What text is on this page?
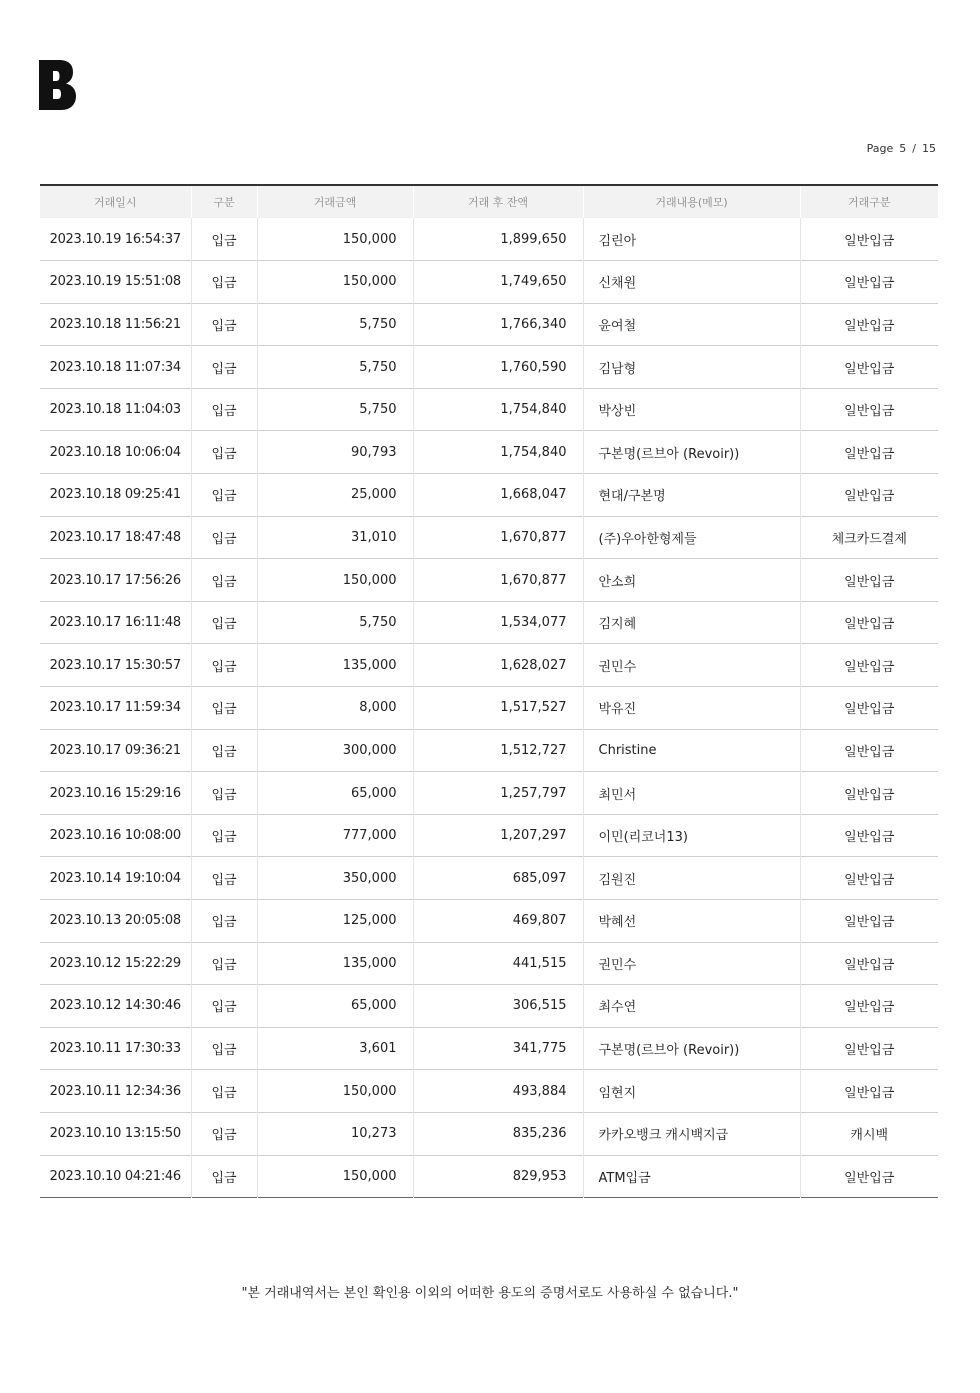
Page 5 / 15
거래일시	구분	거래금액	거래 후 잔액	거래내용(메모)	거래구분
2023.10.19 16:54:37	입금	150,000	1,899,650	김린아	일반입금
2023.10.19 15:51:08	입금	150,000	1,749,650	신채원	일반입금
2023.10.18 11:56:21	입금	5,750	1,766,340	윤여철	일반입금
2023.10.18 11:07:34	입금	5,750	1,760,590	김남형	일반입금
2023.10.18 11:04:03	입금	5,750	1,754,840	박상빈	일반입금
2023.10.18 10:06:04	입금	90,793	1,754,840	구본명(르브아 (Revoir))	일반입금
2023.10.18 09:25:41	입금	25,000	1,668,047	현대/구본명	일반입금
2023.10.17 18:47:48	입금	31,010	1,670,877	(주)우아한형제들	체크카드결제
2023.10.17 17:56:26	입금	150,000	1,670,877	안소희	일반입금
2023.10.17 16:11:48	입금	5,750	1,534,077	김지혜	일반입금
2023.10.17 15:30:57	입금	135,000	1,628,027	권민수	일반입금
2023.10.17 11:59:34	입금	8,000	1,517,527	박유진	일반입금
2023.10.17 09:36:21	입금	300,000	1,512,727	Christine	일반입금
2023.10.16 15:29:16	입금	65,000	1,257,797	최민서	일반입금
2023.10.16 10:08:00	입금	777,000	1,207,297	이민(리코너13)	일반입금
2023.10.14 19:10:04	입금	350,000	685,097	김원진	일반입금
2023.10.13 20:05:08	입금	125,000	469,807	박혜선	일반입금
2023.10.12 15:22:29	입금	135,000	441,515	권민수	일반입금
2023.10.12 14:30:46	입금	65,000	306,515	최수연	일반입금
2023.10.11 17:30:33	입금	3,601	341,775	구본명(르브아 (Revoir))	일반입금
2023.10.11 12:34:36	입금	150,000	493,884	임현지	일반입금
2023.10.10 13:15:50	입금	10,273	835,236	카카오뱅크 캐시백지급	캐시백
2023.10.10 04:21:46	입금	150,000	829,953	ATM입금	일반입금
"본 거래내역서는 본인 확인용 이외의 어떠한 용도의 증명서로도 사용하실 수 없습니다."
